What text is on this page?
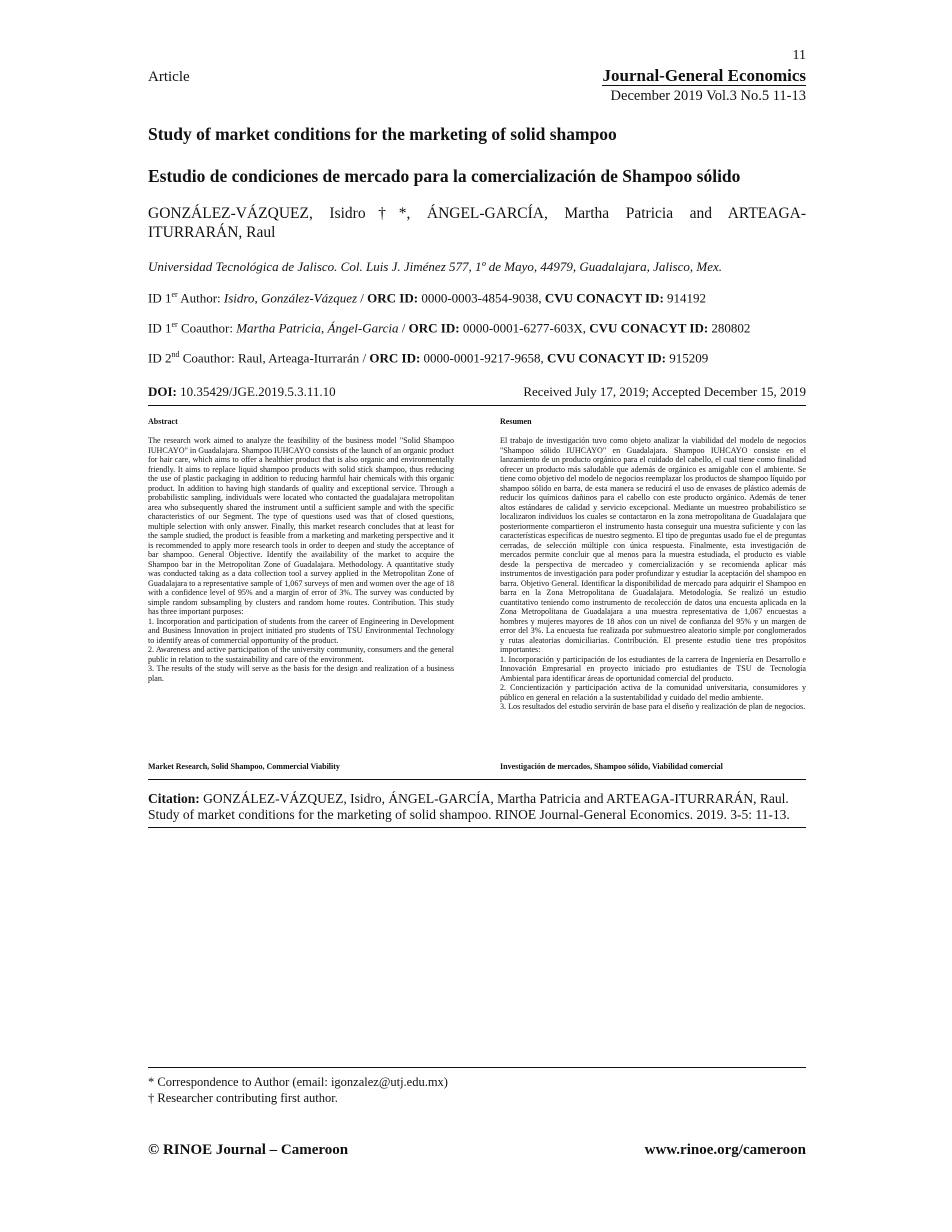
11
Article	Journal-General Economics
December 2019 Vol.3 No.5 11-13
Study of market conditions for the marketing of solid shampoo
Estudio de condiciones de mercado para la comercialización de Shampoo sólido
GONZÁLEZ-VÁZQUEZ, Isidro†*, ÁNGEL-GARCÍA, Martha Patricia and ARTEAGA-
ITURRARÁN, Raul
Universidad Tecnológica de Jalisco. Col. Luis J. Jiménez 577, 1º de Mayo, 44979, Guadalajara, Jalisco, Mex.
ID 1er Author: Isidro, González-Vázquez / ORC ID: 0000-0003-4854-9038, CVU CONACYT ID: 914192
ID 1er Coauthor: Martha Patricia, Ángel-Garcia / ORC ID: 0000-0001-6277-603X, CVU CONACYT ID: 280802
ID 2nd Coauthor: Raul, Arteaga-Iturrarán / ORC ID: 0000-0001-9217-9658, CVU CONACYT ID: 915209
DOI: 10.35429/JGE.2019.5.3.11.10	Received July 17, 2019; Accepted December 15, 2019
Abstract

The research work aimed to analyze the feasibility of the business model "Solid Shampoo IUHCAYO" in Guadalajara. Shampoo IUHCAYO consists of the launch of an organic product for hair care, which aims to offer a healthier product that is also organic and environmentally friendly. It aims to replace liquid shampoo products with solid stick shampoo, thus reducing the use of plastic packaging in addition to reducing harmful hair chemicals with this organic product. In addition to having high standards of quality and exceptional service. Through a probabilistic sampling, individuals were located who contacted the guadalajara metropolitan area who subsequently shared the instrument until a sufficient sample and with the specific characteristics of our Segment. The type of questions used was that of closed questions, multiple selection with only answer. Finally, this market research concludes that at least for the sample studied, the product is feasible from a marketing and marketing perspective and it is recommended to apply more research tools in order to deepen and study the acceptance of bar shampoo. General Objective. Identify the availability of the market to acquire the Shampoo bar in the Metropolitan Zone of Guadalajara. Methodology. A quantitative study was conducted taking as a data collection tool a survey applied in the Metropolitan Zone of Guadalajara to a representative sample of 1,067 surveys of men and women over the age of 18 with a confidence level of 95% and a margin of error of 3%. The survey was conducted by simple random subsampling by clusters and random home routes. Contribution. This study has three important purposes:

1. Incorporation and participation of students from the career of Engineering in Development and Business Innovation in project initiated pro students of TSU Environmental Technology to identify areas of commercial opportunity of the product.

2. Awareness and active participation of the university community, consumers and the general public in relation to the sustainability and care of the environment.

3. The results of the study will serve as the basis for the design and realization of a business plan.

Market Research, Solid Shampoo, Commercial Viability
Resumen

El trabajo de investigación tuvo como objeto analizar la viabilidad del modelo de negocios "Shampoo sólido IUHCAYO" en Guadalajara. Shampoo IUHCAYO consiste en el lanzamiento de un producto orgánico para el cuidado del cabello, el cual tiene como finalidad ofrecer un producto más saludable que además de orgánico es amigable con el ambiente. Se tiene como objetivo del modelo de negocios reemplazar los productos de shampoo líquido por shampoo sólido en barra, de esta manera se reducirá el uso de envases de plástico además de reducir los químicos dañinos para el cabello con este producto orgánico. Además de tener altos estándares de calidad y servicio excepcional. Mediante un muestreo probabilístico se localizaron individuos los cuales se contactaron en la zona metropolitana de Guadalajara que posteriormente compartieron el instrumento hasta conseguir una muestra suficiente y con las características específicas de nuestro segmento. El tipo de preguntas usado fue el de preguntas cerradas, de selección múltiple con única respuesta. Finalmente, esta investigación de mercados permite concluir que al menos para la muestra estudiada, el producto es viable desde la perspectiva de mercadeo y comercialización y se recomienda aplicar más instrumentos de investigación para poder profundizar y estudiar la aceptación del shampoo en barra. Objetivo General. Identificar la disponibilidad de mercado para adquirir el Shampoo en barra en la Zona Metropolitana de Guadalajara. Metodología. Se realizó un estudio cuantitativo teniendo como instrumento de recolección de datos una encuesta aplicada en la Zona Metropolitana de Guadalajara a una muestra representativa de 1,067 encuestas a hombres y mujeres mayores de 18 años con un nivel de confianza del 95% y un margen de error del 3%. La encuesta fue realizada por submuestreo aleatorio simple por conglomerados y rutas aleatorias domiciliarias. Contribución. El presente estudio tiene tres propósitos importantes:

1. Incorporación y participación de los estudiantes de la carrera de Ingeniería en Desarrollo e Innovación Empresarial en proyecto iniciado pro estudiantes de TSU de Tecnología Ambiental para identificar áreas de oportunidad comercial del producto.

2. Concientización y participación activa de la comunidad universitaria, consumidores y público en general en relación a la sustentabilidad y cuidado del medio ambiente.

3. Los resultados del estudio servirán de base para el diseño y realización de plan de negocios.

Investigación de mercados, Shampoo sólido, Viabilidad comercial
Citation: GONZÁLEZ-VÁZQUEZ, Isidro, ÁNGEL-GARCÍA, Martha Patricia and ARTEAGA-ITURRARÁN, Raul. Study of market conditions for the marketing of solid shampoo. RINOE Journal-General Economics. 2019. 3-5: 11-13.
* Correspondence to Author (email: igonzalez@utj.edu.mx)
† Researcher contributing first author.
© RINOE Journal – Cameroon	www.rinoe.org/cameroon
